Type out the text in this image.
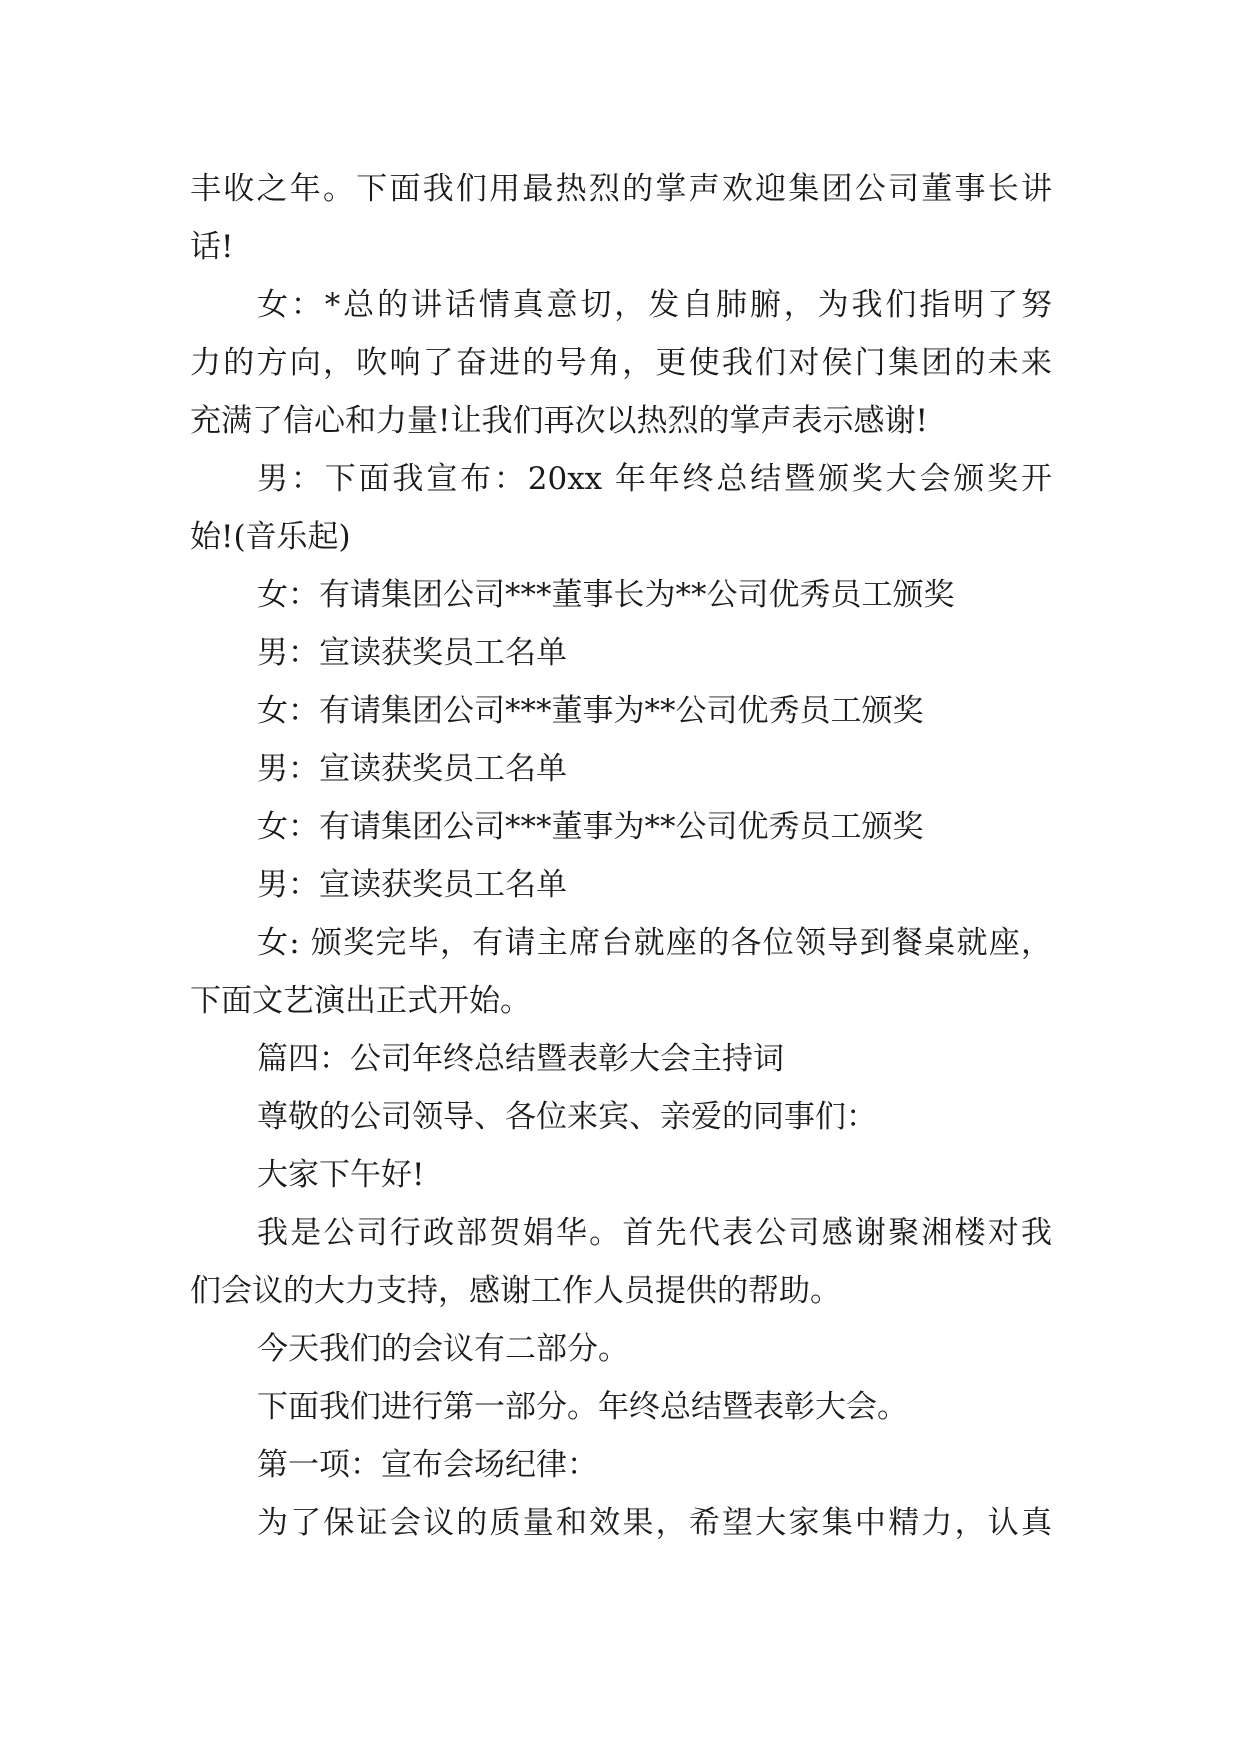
丰收之年。下面我们用最热烈的掌声欢迎集团公司董事长讲
话!
女：*总的讲话情真意切，发自肺腑，为我们指明了努
力的方向，吹响了奋进的号角，更使我们对侯门集团的未来
充满了信心和力量!让我们再次以热烈的掌声表示感谢!
男：下面我宣布：20xx 年年终总结暨颁奖大会颁奖开
始!(音乐起)
女：有请集团公司***董事长为**公司优秀员工颁奖
男：宣读获奖员工名单
女：有请集团公司***董事为**公司优秀员工颁奖
男：宣读获奖员工名单
女：有请集团公司***董事为**公司优秀员工颁奖
男：宣读获奖员工名单
女: 颁奖完毕，有请主席台就座的各位领导到餐桌就座，
下面文艺演出正式开始。
篇四：公司年终总结暨表彰大会主持词
尊敬的公司领导、各位来宾、亲爱的同事们：
大家下午好!
我是公司行政部贺娟华。首先代表公司感谢聚湘楼对我
们会议的大力支持，感谢工作人员提供的帮助。
今天我们的会议有二部分。
下面我们进行第一部分。年终总结暨表彰大会。
第一项：宣布会场纪律：
为了保证会议的质量和效果，希望大家集中精力，认真
